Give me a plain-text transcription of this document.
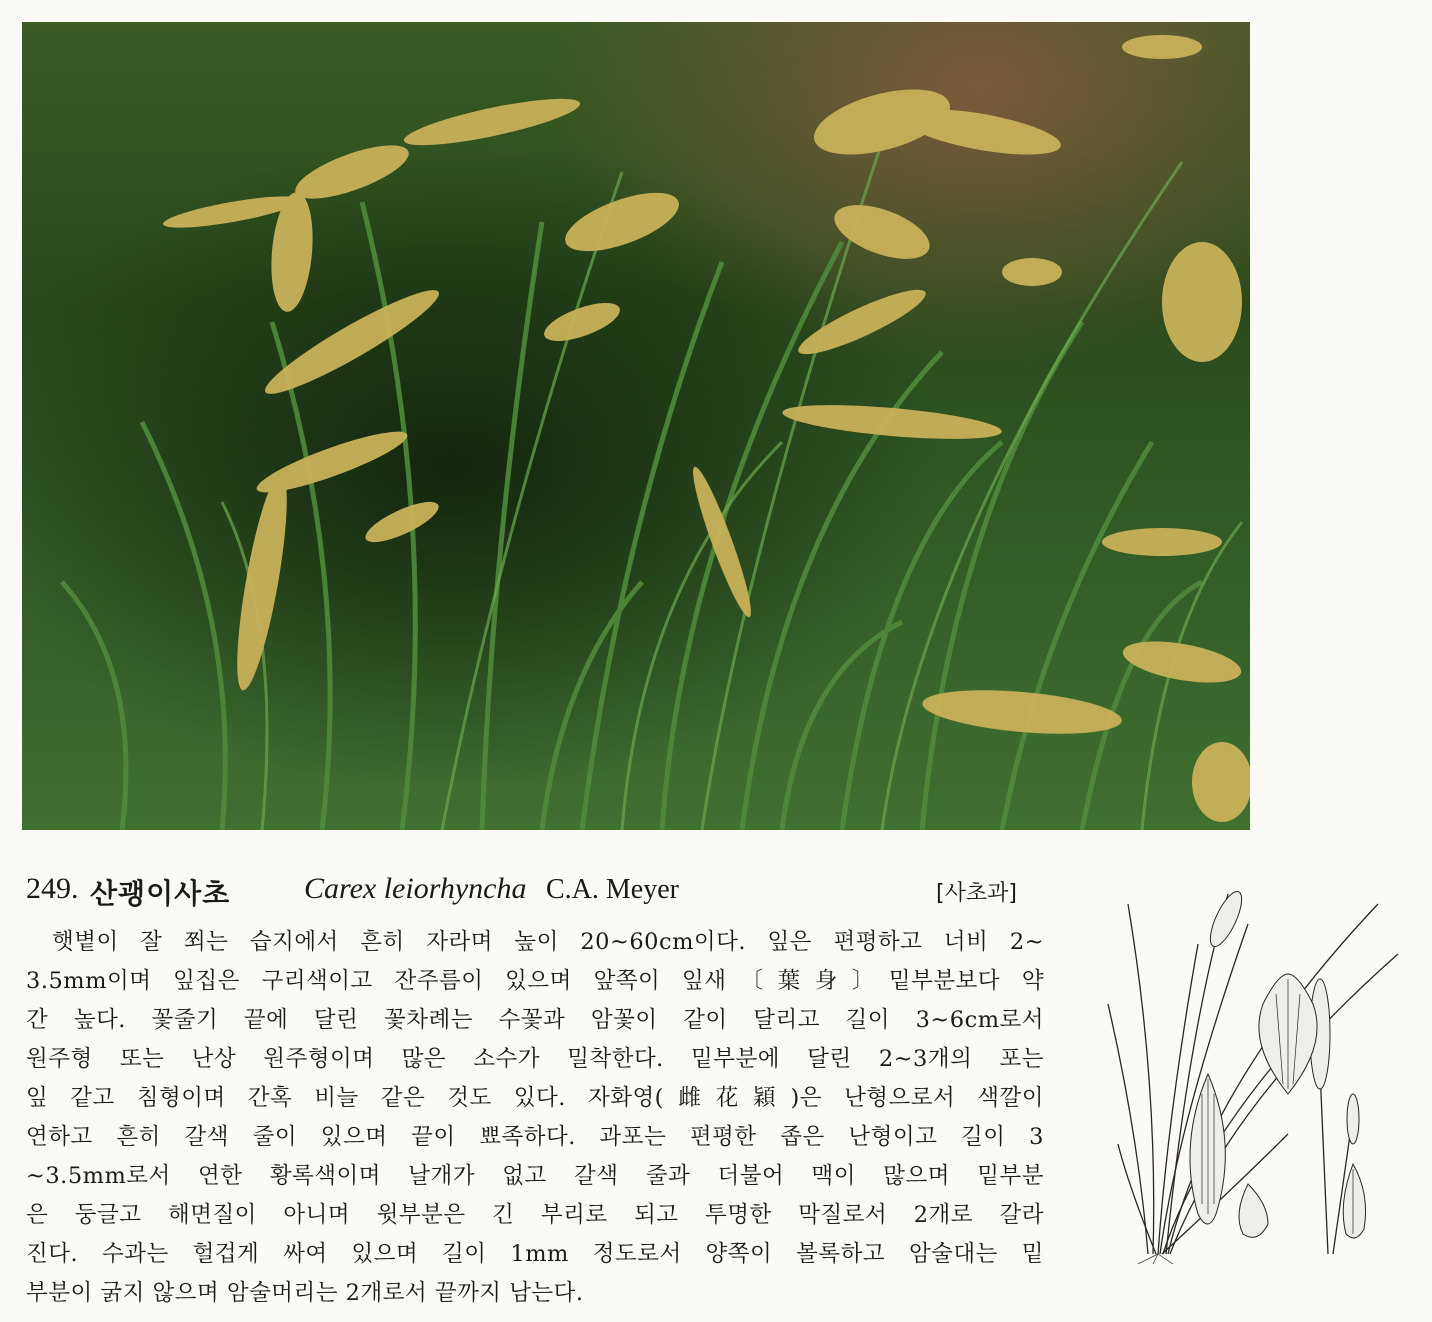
249. 산괭이사초 Carex leiorhyncha C.A. Meyer	[사초과]
햇볕이 잘 쬐는 습지에서 흔히 자라며 높이 20~60cm이다. 잎은 편평하고 너비 2~
3.5mm이며 잎집은 구리색이고 잔주름이 있으며 앞쪽이 잎새〔葉身〕밑부분보다 약
간 높다. 꽃줄기 끝에 달린 꽃차례는 수꽃과 암꽃이 같이 달리고 길이 3~6cm로서
원주형 또는 난상 원주형이며 많은 소수가 밀착한다. 밑부분에 달린 2~3개의 포는
잎 같고 침형이며 간혹 비늘 같은 것도 있다. 자화영(雌花穎)은 난형으로서 색깔이
연하고 흔히 갈색 줄이 있으며 끝이 뾰족하다. 과포는 편평한 좁은 난형이고 길이 3
~3.5mm로서 연한 황록색이며 날개가 없고 갈색 줄과 더불어 맥이 많으며 밑부분
은 둥글고 해면질이 아니며 윗부분은 긴 부리로 되고 투명한 막질로서 2개로 갈라
진다. 수과는 헐겁게 싸여 있으며 길이 1mm 정도로서 양쪽이 볼록하고 암술대는 밑
부분이 굵지 않으며 암술머리는 2개로서 끝까지 남는다.
